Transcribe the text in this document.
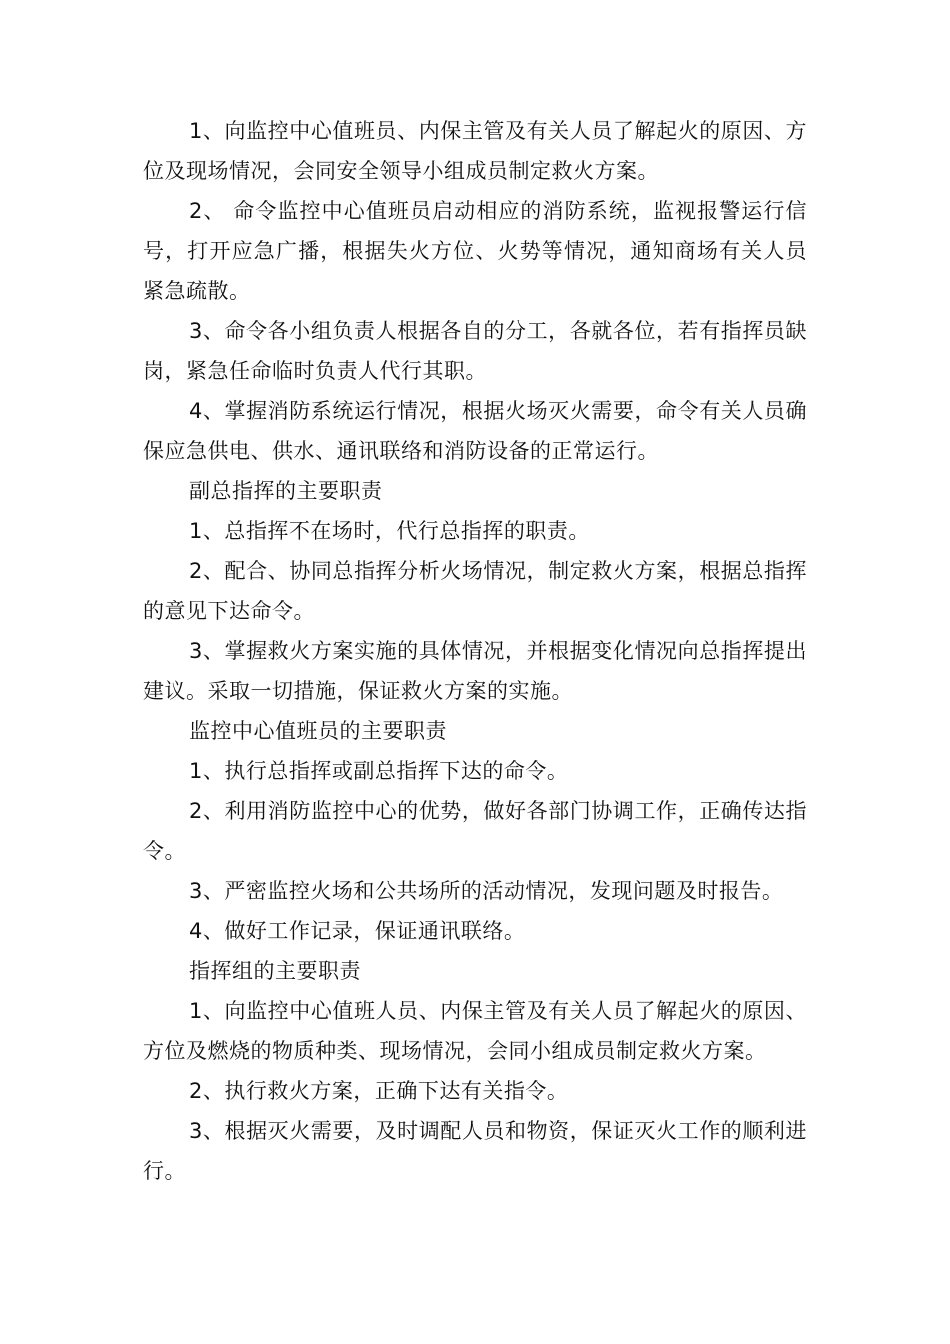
1、向监控中心值班员、内保主管及有关人员了解起火的原因、方位及现场情况，会同安全领导小组成员制定救火方案。

2、 命令监控中心值班员启动相应的消防系统，监视报警运行信号，打开应急广播，根据失火方位、火势等情况，通知商场有关人员紧急疏散。

3、命令各小组负责人根据各自的分工，各就各位，若有指挥员缺岗，紧急任命临时负责人代行其职。

4、掌握消防系统运行情况，根据火场灭火需要，命令有关人员确保应急供电、供水、通讯联络和消防设备的正常运行。

副总指挥的主要职责

1、总指挥不在场时，代行总指挥的职责。

2、配合、协同总指挥分析火场情况，制定救火方案，根据总指挥的意见下达命令。

3、掌握救火方案实施的具体情况，并根据变化情况向总指挥提出建议。采取一切措施，保证救火方案的实施。

监控中心值班员的主要职责

1、执行总指挥或副总指挥下达的命令。

2、利用消防监控中心的优势，做好各部门协调工作，正确传达指令。

3、严密监控火场和公共场所的活动情况，发现问题及时报告。

4、做好工作记录，保证通讯联络。

指挥组的主要职责

1、向监控中心值班人员、内保主管及有关人员了解起火的原因、方位及燃烧的物质种类、现场情况，会同小组成员制定救火方案。

2、执行救火方案，正确下达有关指令。

3、根据灭火需要，及时调配人员和物资，保证灭火工作的顺利进行。
